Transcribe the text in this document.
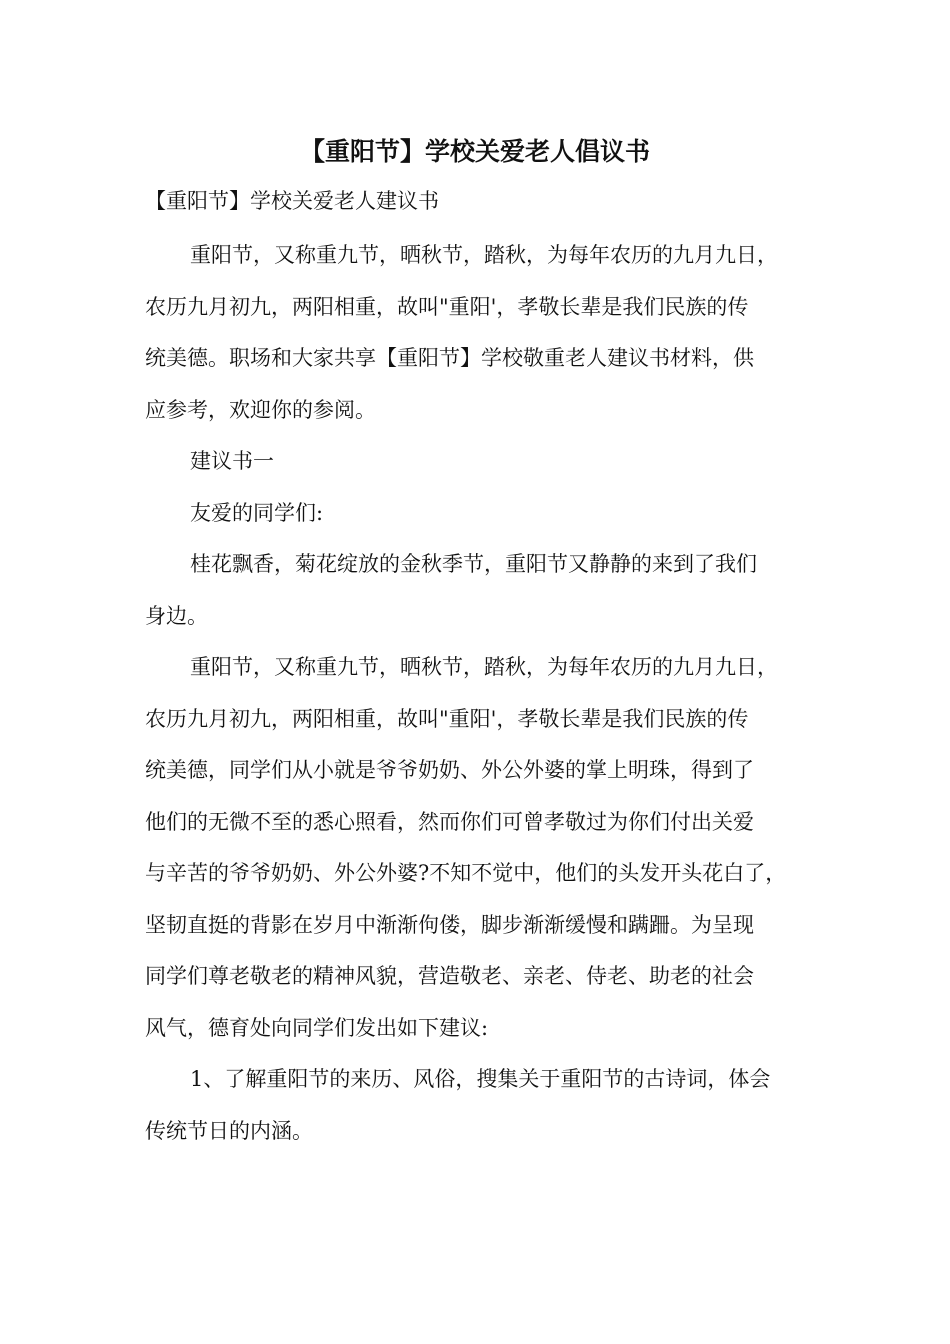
【重阳节】学校关爱老人倡议书
【重阳节】学校关爱老人建议书

重阳节，又称重九节，晒秋节，踏秋，为每年农历的九月九日，
农历九月初九，两阳相重，故叫"重阳'，孝敬长辈是我们民族的传
统美德。职场和大家共享【重阳节】学校敬重老人建议书材料，供
应参考，欢迎你的参阅。

建议书一

友爱的同学们:

桂花飘香，菊花绽放的金秋季节，重阳节又静静的来到了我们
身边。

重阳节，又称重九节，晒秋节，踏秋，为每年农历的九月九日，
农历九月初九，两阳相重，故叫"重阳'，孝敬长辈是我们民族的传
统美德，同学们从小就是爷爷奶奶、外公外婆的掌上明珠，得到了
他们的无微不至的悉心照看，然而你们可曾孝敬过为你们付出关爱
与辛苦的爷爷奶奶、外公外婆?不知不觉中，他们的头发开头花白了，
坚韧直挺的背影在岁月中渐渐佝偻，脚步渐渐缓慢和蹒跚。为呈现
同学们尊老敬老的精神风貌，营造敬老、亲老、侍老、助老的社会
风气，德育处向同学们发出如下建议:

1、了解重阳节的来历、风俗，搜集关于重阳节的古诗词，体会
传统节日的内涵。
